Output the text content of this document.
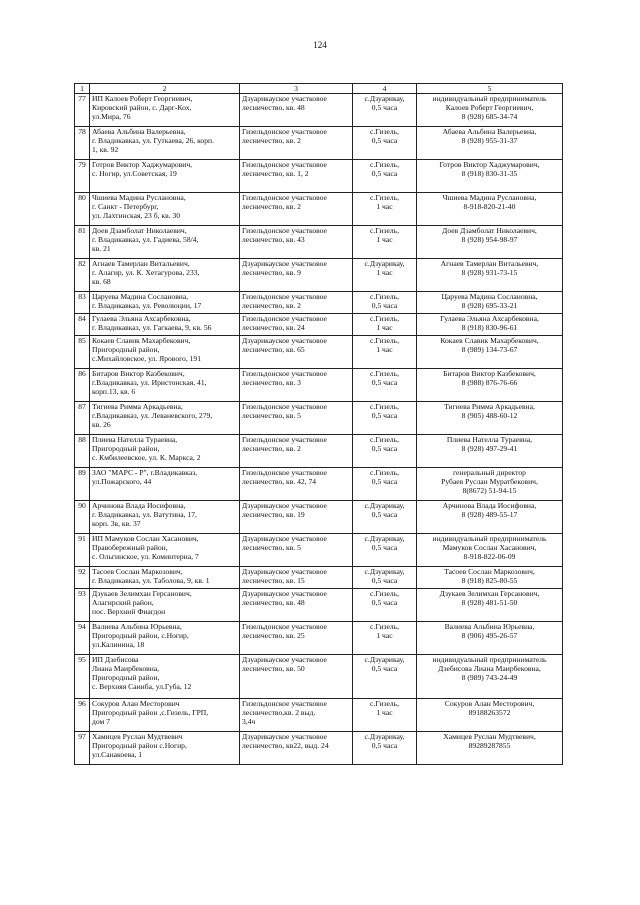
124
1	2	3	4	5
77	ИП Калоев Роберт Георгиевич,
Кировский район, с. Дарг-Кох,
ул.Мира, 76	Дзуарикауское участковое
лесничество, кв. 48	с.Дзуарикау,
0,5 часа	индивидуальный предприниматель
Калоев Роберт Георгиевич,
8 (928) 685-34-74

78	Абаева Альбина Валерьевна,
г. Владикавказ, ул. Гуткаева, 26, корп.
1, кв. 92	Гизельдонское участковое
лесничество, кв. 2	с.Гизель,
0,5 часа	Абаева Альбина Валерьевна,
8 (928) 955-31-37

79	Готров Виктор Хаджумарович,
с. Ногир, ул.Советская, 19	Гизельдонское участковое
лесничество, кв. 1, 2	с.Гизель,
0,5 часа	Готров Виктор Хаджумарович,
8 (918) 830-31-35

80	Чшиева Мадина Руслановна,
г. Санкт - Петербург,
ул. Лахтинская, 23 б, кв. 30	Гизельдонское участковое
лесничество, кв. 2	с.Гизель,
1 час	Чшиева Мадина Руслановна,
8-918-820-21-40

81	Доев Дзамболат Николаевич,
г. Владикавказ, ул. Гадиева, 58/4,
кв. 21	Гизельдонское участковое
лесничество, кв. 43	с.Гизель,
1 час	Доев Дзамболат Николаевич,
8 (928) 954-98-97

82	Агнаев Тамерлан Витальевич,
г. Алагир, ул. К. Хетагурова, 233,
кв. 68	Дзуарикауское участковое
лесничество, кв. 9	с.Дзуарикау,
1 час	Агнаев Тамерлан Витальевич,
8 (928) 931-73-15

83	Царуева Мадина Сослановна,
г. Владикавказ, ул. Революции, 17	Гизельдонское участковое
лесничество, кв. 2	с.Гизель,
0,5 часа	Царуева Мадина Сослановна,
8 (928) 695-33-21

84	Гулаева Эльяна Ахсарбековна,
г. Владикавказ, ул. Гагкаева, 9, кв. 56	Гизельдонское участковое
лесничество, кв. 24	с.Гизель,
1 час	Гулаева Эльяна Ахсарбековна,
8 (918) 830-96-61

85	Кокаев Славик Махарбекович,
Пригородный район,
с.Михайловское, ул. Ярового, 191	Дзуарикауское участковое
лесничество, кв. 65	с.Гизель,
1 час	Кокаев Славик Махарбекович,
8 (989) 134-73-67

86	Битаров Виктор Казбекович,
г.Владикавказ, ул. Иристонская, 41,
корп.13, кв. 6	Гизельдонское участковое
лесничество, кв. 3	с.Гизель,
0,5 часа	Битаров Виктор Казбекович,
8 (988) 876-76-66

87	Тигиева Римма Аркадьевна,
г.Владикавказ, ул. Леваневского, 279,
кв. 26	Гизельдонское участковое
лесничество, кв. 5	с.Гизель,
0,5 часа	Тигиева Римма Аркадьевна,
8 (905) 488-60-12

88	Плиева Нателла Тураевна,
Пригородный район,
с. Кмбилеевское, ул. К. Маркса, 2	Гизельдонское участковое
лесничество, кв. 2	с.Гизель,
0,5 часа	Плиева Нателла Тураевна,
8 (928) 497-29-41

89	ЗАО "МАРС - Р", г.Владикавказ,
ул.Пожарского, 44	Гизельдонское участковое
лесничество, кв. 42, 74	с.Гизель,
0,5 часа	генеральный директор
Рубаев Руслан Муратбекович,
8(8672) 51-94-15

90	Арчинова Влада Иосифовна,
г. Владикавказ, ул. Ватутина, 17,
корп. 3в, кв. 37	Дзуарикауское участковое
лесничество, кв. 19	с.Дзуарикау,
0,5 часа	Арчинова Влада Иосифовна,
8 (928) 489-55-17

91	ИП Мамуков Сослан Хасанович,
Правобережный район,
с. Ольгинское, ул. Коминтерна, 7	Дзуарикауское участковое
лесничество, кв. 5	с.Дзуарикау,
0,5 часа	индивидуальный предприниматель
Мамуков Сослан Хасанович,
8-918-822-06-09

92	Тасоев Сослан Маркозович,
г. Владикавказ, ул. Таболова, 9, кв. 1	Дзуарикауское участковое
лесничество, кв. 15	с.Дзуарикау,
0,5 часа	Тасоев Сослан Маркозович,
8 (918) 825-80-55

93	Дзукаев Зелимхан Герсанович,
Алагирский район,
пос. Верхний Фиагдон	Дзуарикауское участковое
лесничество, кв. 48	с.Гизель,
0,5 часа	Дзукаев Зелимхан Герсанович,
8 (928) 481-51-50

94	Валиева Альбина Юрьевна,
Пригородный район, с.Ногир,
ул.Калинина, 18	Гизельдонское участковое
лесничество, кв. 25	с.Гизель,
1 час	Валиева Альбина Юрьевна,
8 (906) 495-26-57

95	ИП Дзебисова
Лиана Маирбековна,
Пригородный район,
с. Верхняя Саниба, ул.Губа, 12	Дзуарикауское участковое
лесничество, кв. 50	с.Дзуарикау,
0,5 часа	индивидуальный предприниматель
Дзебисова Лиана Маирбековна,
8 (989) 743-24-49

96	Сокуров Алан Месторович
Пригородный район ,с.Гизель, ГРП,
дом 7	Гизельдонское участковое
лесничество,кв. 2 выд.
3,4ч	с.Гизель,
1 час	Сокуров Алан Месторович,
89188263572

97	Хамицев Руслан Мудтвевич
Пригородный район с.Ногир,
ул.Санакоева, 1	Дзуарикауское участковое
лесничество, кв22, выд. 24	с.Дзуарикау,
0,5 часа	Хамицев Руслан Мудтвевич,
89289287855
